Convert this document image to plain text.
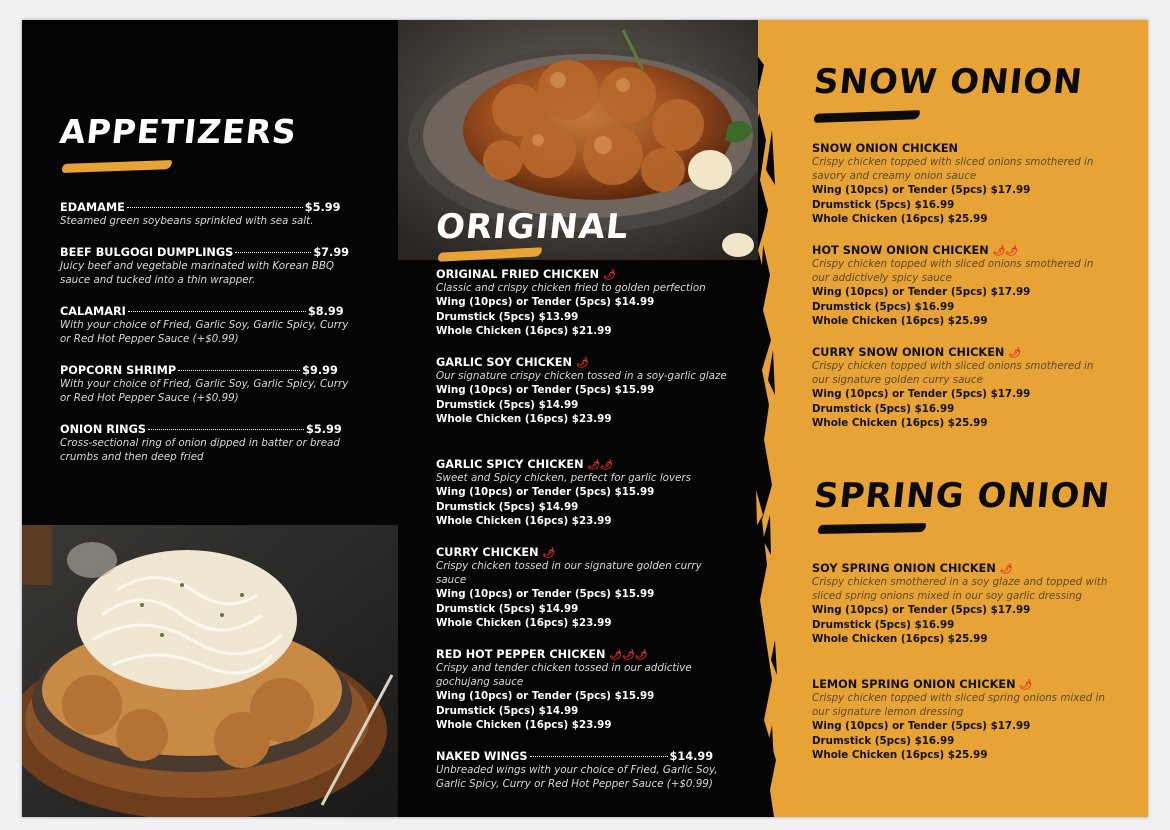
APPETIZERS
EDAMAME	$5.99
Steamed green soybeans sprinkled with sea salt.
BEEF BULGOGI DUMPLINGS	$7.99
Juicy beef and vegetable marinated with Korean BBQ sauce and tucked into a thin wrapper.
CALAMARI	$8.99
With your choice of Fried, Garlic Soy, Garlic Spicy, Curry or Red Hot Pepper Sauce (+$0.99)
POPCORN SHRIMP	$9.99
With your choice of Fried, Garlic Soy, Garlic Spicy, Curry or Red Hot Pepper Sauce (+$0.99)
ONION RINGS	$5.99
Cross-sectional ring of onion dipped in batter or bread crumbs and then deep fried
ORIGINAL
ORIGINAL FRIED CHICKEN 🌶
Classic and crispy chicken fried to golden perfection
Wing (10pcs) or Tender (5pcs) $14.99
Drumstick (5pcs) $13.99
Whole Chicken (16pcs) $21.99
GARLIC SOY CHICKEN 🌶
Our signature crispy chicken tossed in a soy-garlic glaze
Wing (10pcs) or Tender (5pcs) $15.99
Drumstick (5pcs) $14.99
Whole Chicken (16pcs) $23.99
GARLIC SPICY CHICKEN 🌶🌶
Sweet and Spicy chicken, perfect for garlic lovers
Wing (10pcs) or Tender (5pcs) $15.99
Drumstick (5pcs) $14.99
Whole Chicken (16pcs) $23.99
CURRY CHICKEN 🌶
Crispy chicken tossed in our signature golden curry sauce
Wing (10pcs) or Tender (5pcs) $15.99
Drumstick (5pcs) $14.99
Whole Chicken (16pcs) $23.99
RED HOT PEPPER CHICKEN 🌶🌶🌶
Crispy and tender chicken tossed in our addictive gochujang sauce
Wing (10pcs) or Tender (5pcs) $15.99
Drumstick (5pcs) $14.99
Whole Chicken (16pcs) $23.99
NAKED WINGS	$14.99
Unbreaded wings with your choice of Fried, Garlic Soy, Garlic Spicy, Curry or Red Hot Pepper Sauce (+$0.99)
SNOW ONION
SNOW ONION CHICKEN
Crispy chicken topped with sliced onions smothered in savory and creamy onion sauce
Wing (10pcs) or Tender (5pcs) $17.99
Drumstick (5pcs) $16.99
Whole Chicken (16pcs) $25.99
HOT SNOW ONION CHICKEN 🌶🌶
Crispy chicken topped with sliced onions smothered in our addictively spicy sauce
Wing (10pcs) or Tender (5pcs) $17.99
Drumstick (5pcs) $16.99
Whole Chicken (16pcs) $25.99
CURRY SNOW ONION CHICKEN 🌶
Crispy chicken topped with sliced onions smothered in our signature golden curry sauce
Wing (10pcs) or Tender (5pcs) $17.99
Drumstick (5pcs) $16.99
Whole Chicken (16pcs) $25.99
SPRING ONION
SOY SPRING ONION CHICKEN 🌶
Crispy chicken smothered in a soy glaze and topped with sliced spring onions mixed in our soy garlic dressing
Wing (10pcs) or Tender (5pcs) $17.99
Drumstick (5pcs) $16.99
Whole Chicken (16pcs) $25.99
LEMON SPRING ONION CHICKEN 🌶
Crispy chicken topped with sliced spring onions mixed in our signature lemon dressing
Wing (10pcs) or Tender (5pcs) $17.99
Drumstick (5pcs) $16.99
Whole Chicken (16pcs) $25.99
